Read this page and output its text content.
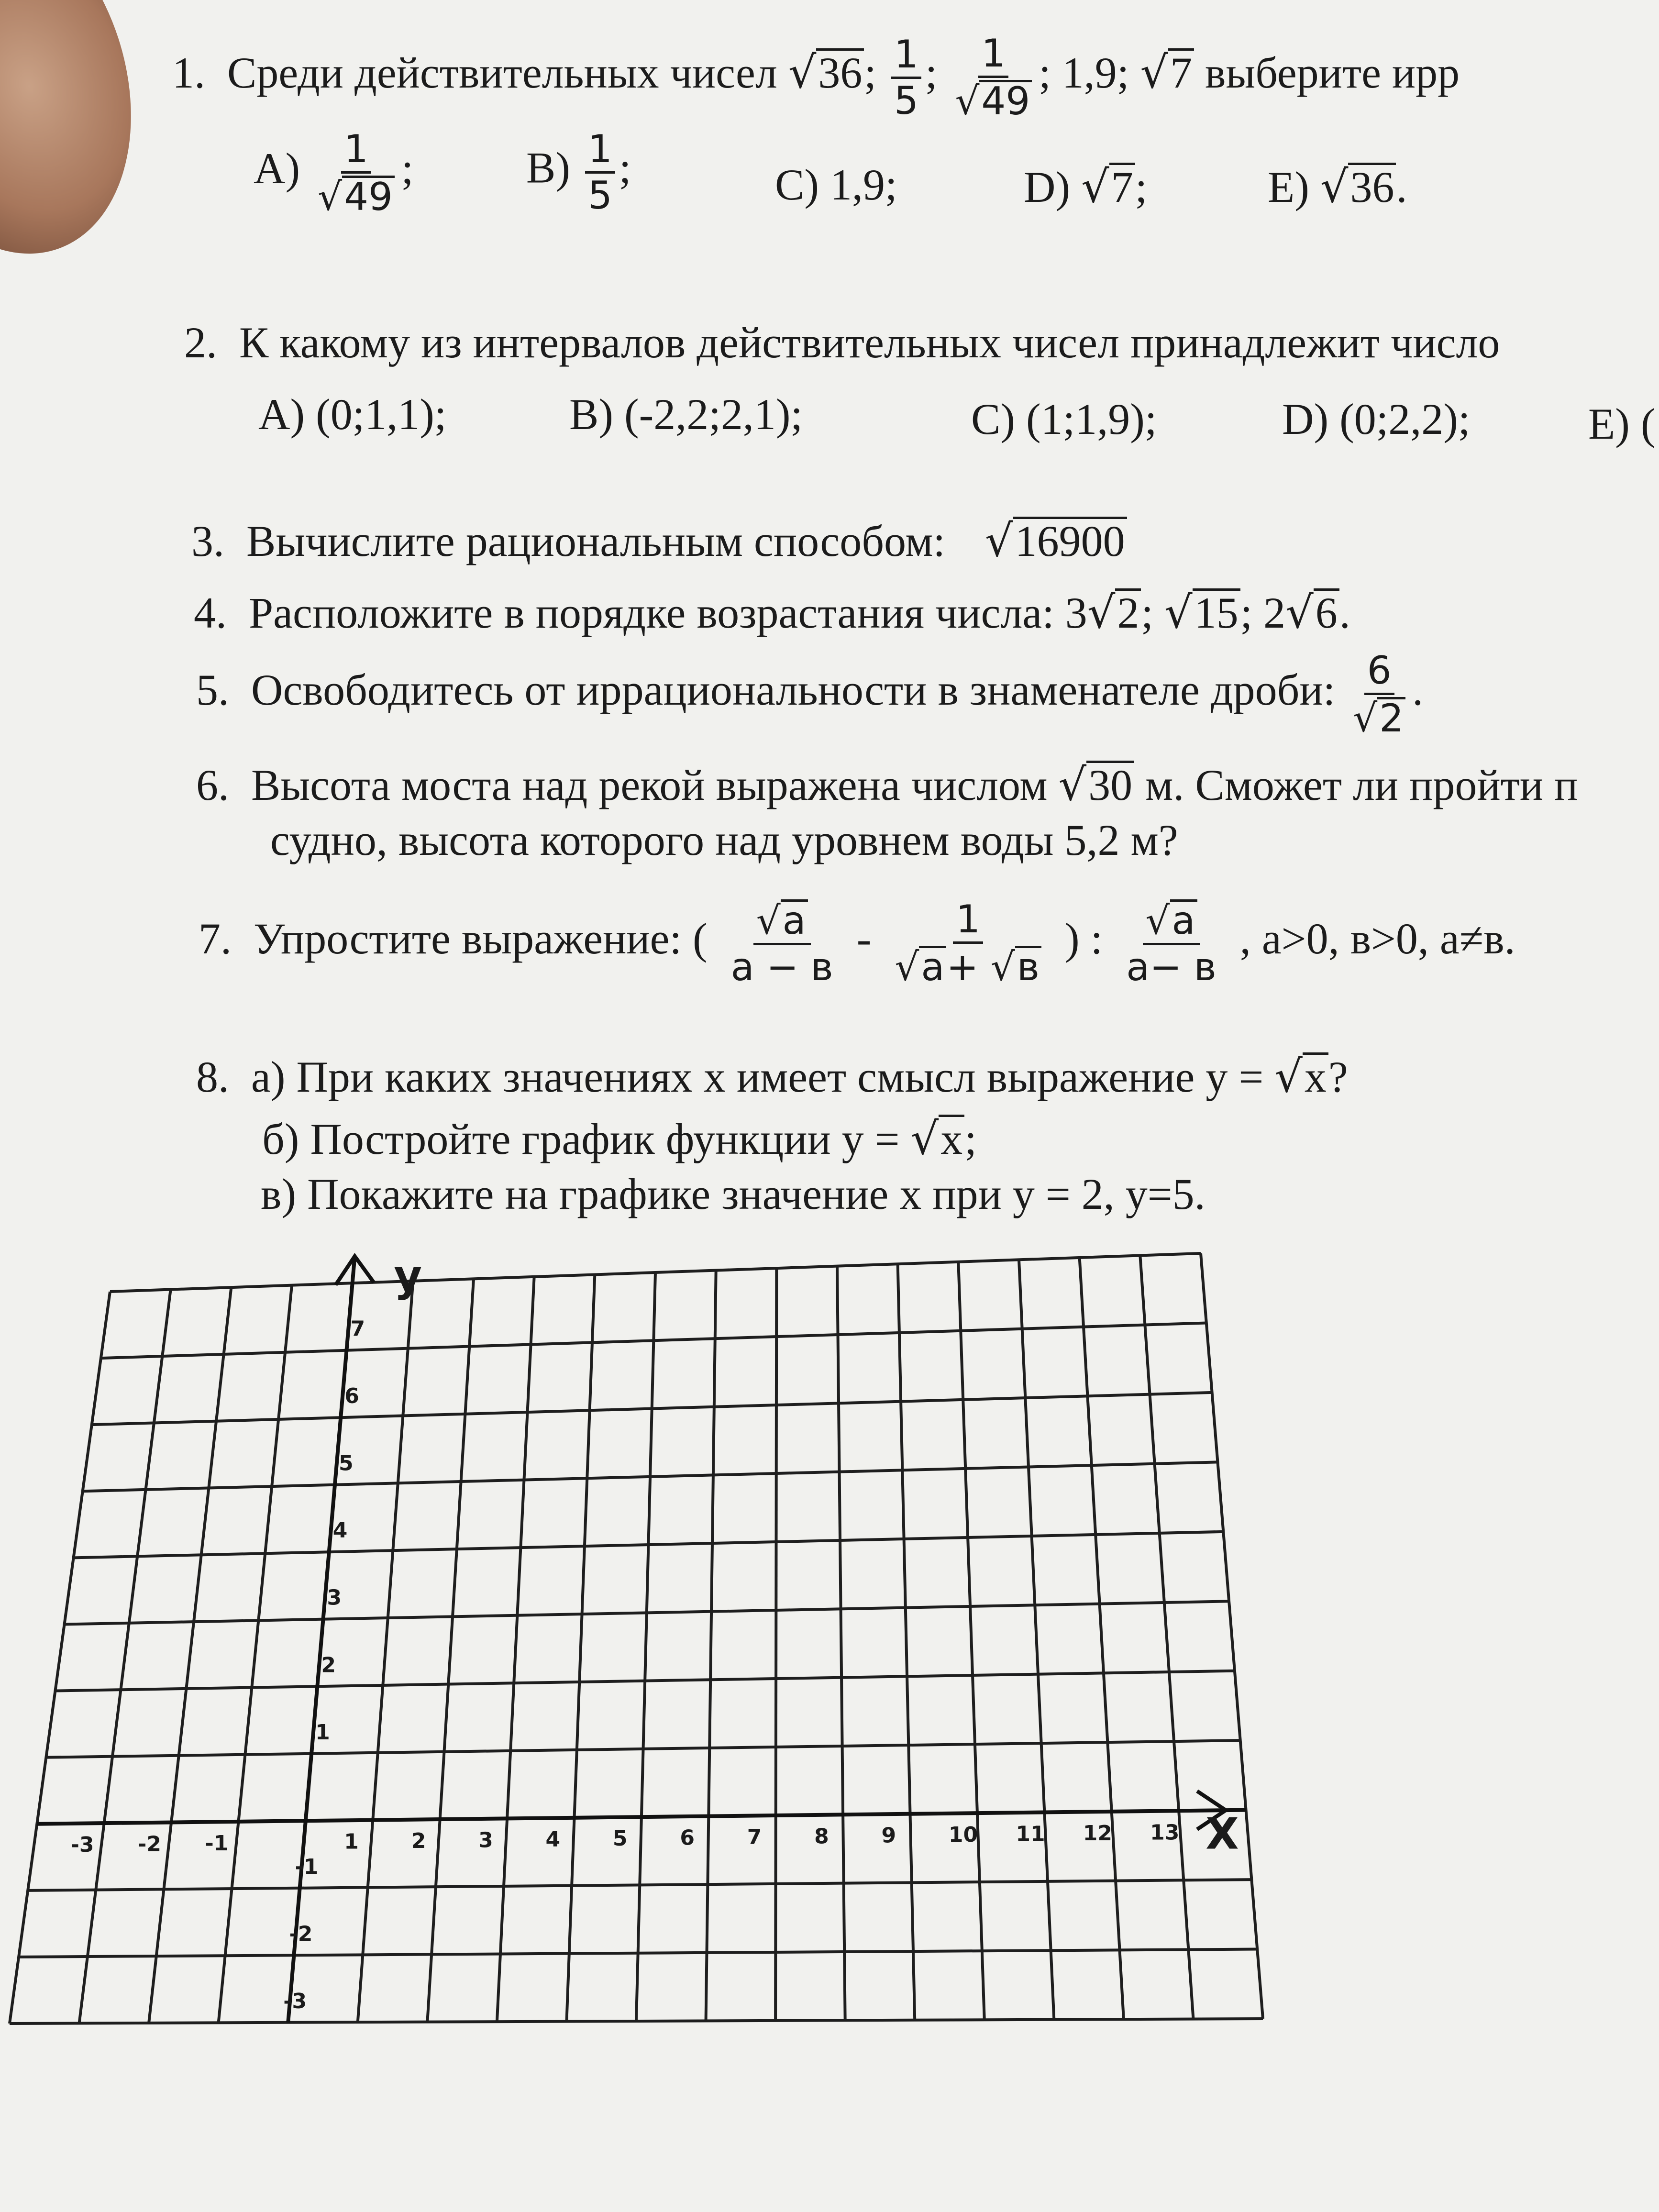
1. Среди действительных чисел √36; $\frac{1}{5}$ ; $\frac{1}{√49}$ ; 1,9; √7 выберите ирр
$A) \frac{1}{√49}$ ;	$B) \frac{1}{5}$ ;	C) 1,9;	D) √7;	E) √36.
2. К какому из интервалов действительных чисел принадлежит число
A) (0;1,1);	B) (-2,2;2,1);	C) (1;1,9);	D) (0;2,2);	E) (
3. Вычислите рациональным способом: √16900
4. Расположите в порядке возрастания числа: 3√2; √15; 2√6.
5. Освободитесь от иррациональности в знаменателе дроби: $\frac{6}{√2}$ .
6. Высота моста над рекой выражена числом √30 м. Сможет ли пройти п
судно, высота которого над уровнем воды 5,2 м?
7. Упростите выражение: ( $\frac{√a}{a - в} - \frac{1}{√a+ √в}$ ) : $\frac{√a}{a- в}$ , a>0, в>0, a≠в.
8. а) При каких значениях х имеет смысл выражение у = √x?
б) Постройте график функции у = √x;
в) Покажите на графике значение х при у = 2, у=5.
-3 -2 -1	1 2 3 4 5 6 7 8 9 10 11 12 13
7
6
5
4
3
2
1
-1
-2
-3
y
X
